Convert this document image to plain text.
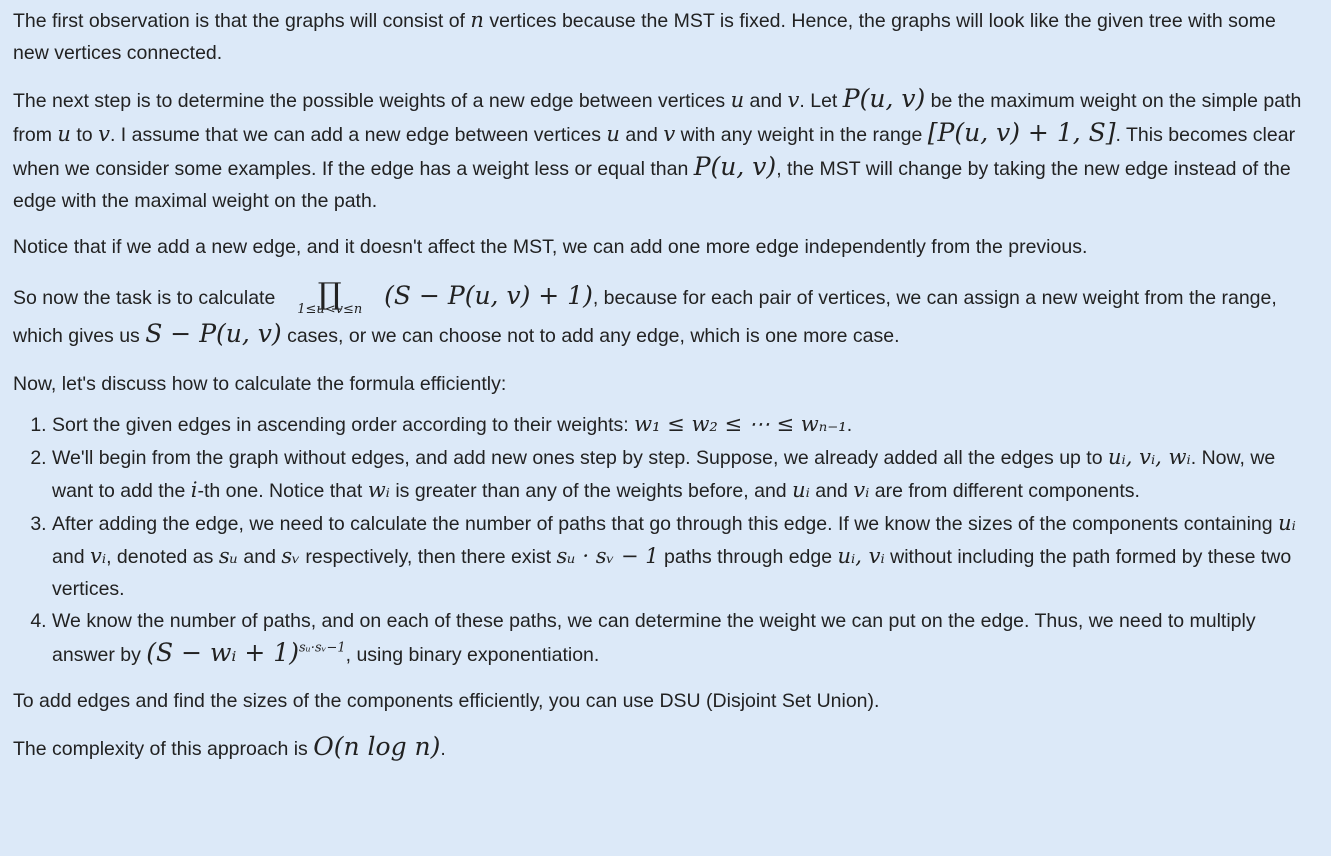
The first observation is that the graphs will consist of n vertices because the MST is fixed. Hence, the graphs will look like the given tree with some new vertices connected.

The next step is to determine the possible weights of a new edge between vertices u and v. Let P(u, v) be the maximum weight on the simple path from u to v. I assume that we can add a new edge between vertices u and v with any weight in the range [P(u, v) + 1, S]. This becomes clear when we consider some examples. If the edge has a weight less or equal than P(u, v), the MST will change by taking the new edge instead of the edge with the maximal weight on the path.

Notice that if we add a new edge, and it doesn't affect the MST, we can add one more edge independently from the previous.

So now the task is to calculate ∏
1≤u<v≤n (S − P(u, v) + 1), because for each pair of vertices, we can assign a new weight from the range, which gives us S − P(u, v) cases, or we can choose not to add any edge, which is one more case.

Now, let's discuss how to calculate the formula efficiently:

1. Sort the given edges in ascending order according to their weights: w₁ ≤ w₂ ≤ ⋯ ≤ wₙ₋₁.
2. We'll begin from the graph without edges, and add new ones step by step. Suppose, we already added all the edges up to uᵢ, vᵢ, wᵢ. Now, we want to add the i-th one. Notice that wᵢ is greater than any of the weights before, and uᵢ and vᵢ are from different components.
3. After adding the edge, we need to calculate the number of paths that go through this edge. If we know the sizes of the components containing uᵢ and vᵢ, denoted as sᵤ and sᵥ respectively, then there exist sᵤ · sᵥ − 1 paths through edge uᵢ, vᵢ without including the path formed by these two vertices.
4. We know the number of paths, and on each of these paths, we can determine the weight we can put on the edge. Thus, we need to multiply answer by (S − wᵢ + 1)$^{sᵤ\cdot sᵥ-1}$, using binary exponentiation.

To add edges and find the sizes of the components efficiently, you can use DSU (Disjoint Set Union).

The complexity of this approach is O(n log n).
